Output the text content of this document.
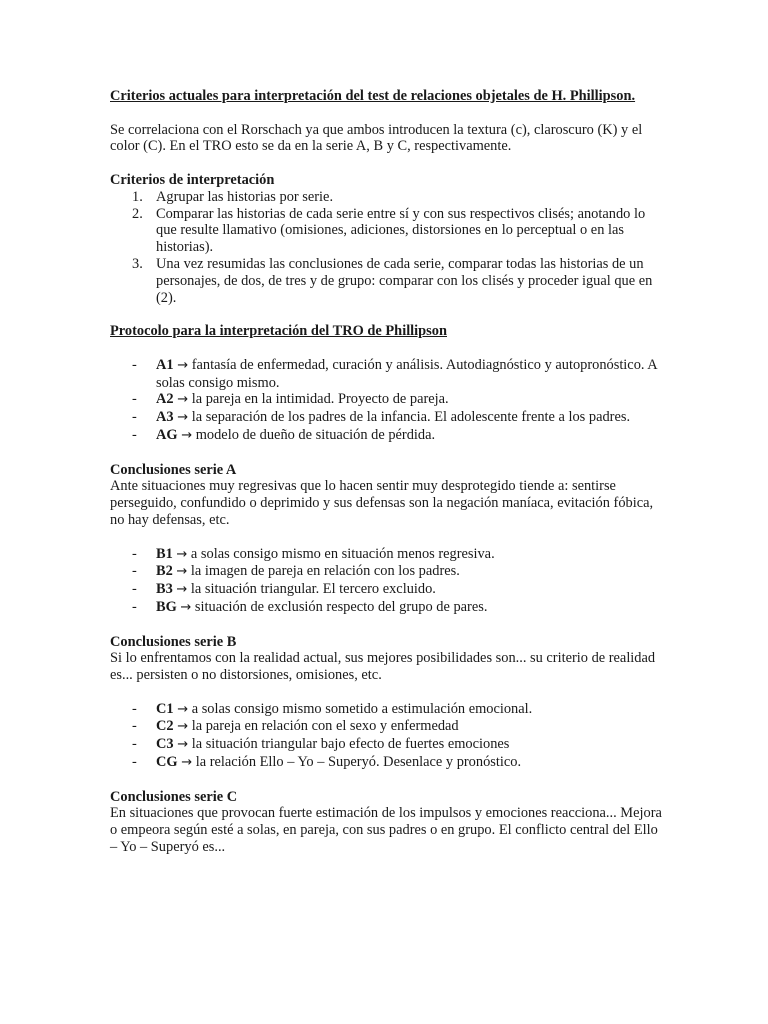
Criterios actuales para interpretación del test de relaciones objetales de H. Phillipson.

Se correlaciona con el Rorschach ya que ambos introducen la textura (c), claroscuro (K) y el color (C). En el TRO esto se da en la serie A, B y C, respectivamente.

Criterios de interpretación

1. Agrupar las historias por serie.
2. Comparar las historias de cada serie entre sí y con sus respectivos clisés; anotando lo que resulte llamativo (omisiones, adiciones, distorsiones en lo perceptual o en las historias).
3. Una vez resumidas las conclusiones de cada serie, comparar todas las historias de un personajes, de dos, de tres y de grupo: comparar con los clisés y proceder igual que en (2).

Protocolo para la interpretación del TRO de Phillipson

- A1 → fantasía de enfermedad, curación y análisis. Autodiagnóstico y autopronóstico. A solas consigo mismo.
- A2 → la pareja en la intimidad. Proyecto de pareja.
- A3 → la separación de los padres de la infancia. El adolescente frente a los padres.
- AG → modelo de dueño de situación de pérdida.

Conclusiones serie A

Ante situaciones muy regresivas que lo hacen sentir muy desprotegido tiende a: sentirse perseguido, confundido o deprimido y sus defensas son la negación maníaca, evitación fóbica, no hay defensas, etc.

- B1 → a solas consigo mismo en situación menos regresiva.
- B2 → la imagen de pareja en relación con los padres.
- B3 → la situación triangular. El tercero excluido.
- BG → situación de exclusión respecto del grupo de pares.

Conclusiones serie B

Si lo enfrentamos con la realidad actual, sus mejores posibilidades son... su criterio de realidad es... persisten o no distorsiones, omisiones, etc.

- C1 → a solas consigo mismo sometido a estimulación emocional.
- C2 → la pareja en relación con el sexo y enfermedad
- C3 → la situación triangular bajo efecto de fuertes emociones
- CG → la relación Ello – Yo – Superyó. Desenlace y pronóstico.

Conclusiones serie C

En situaciones que provocan fuerte estimación de los impulsos y emociones reacciona... Mejora o empeora según esté a solas, en pareja, con sus padres o en grupo. El conflicto central del Ello – Yo – Superyó es...
